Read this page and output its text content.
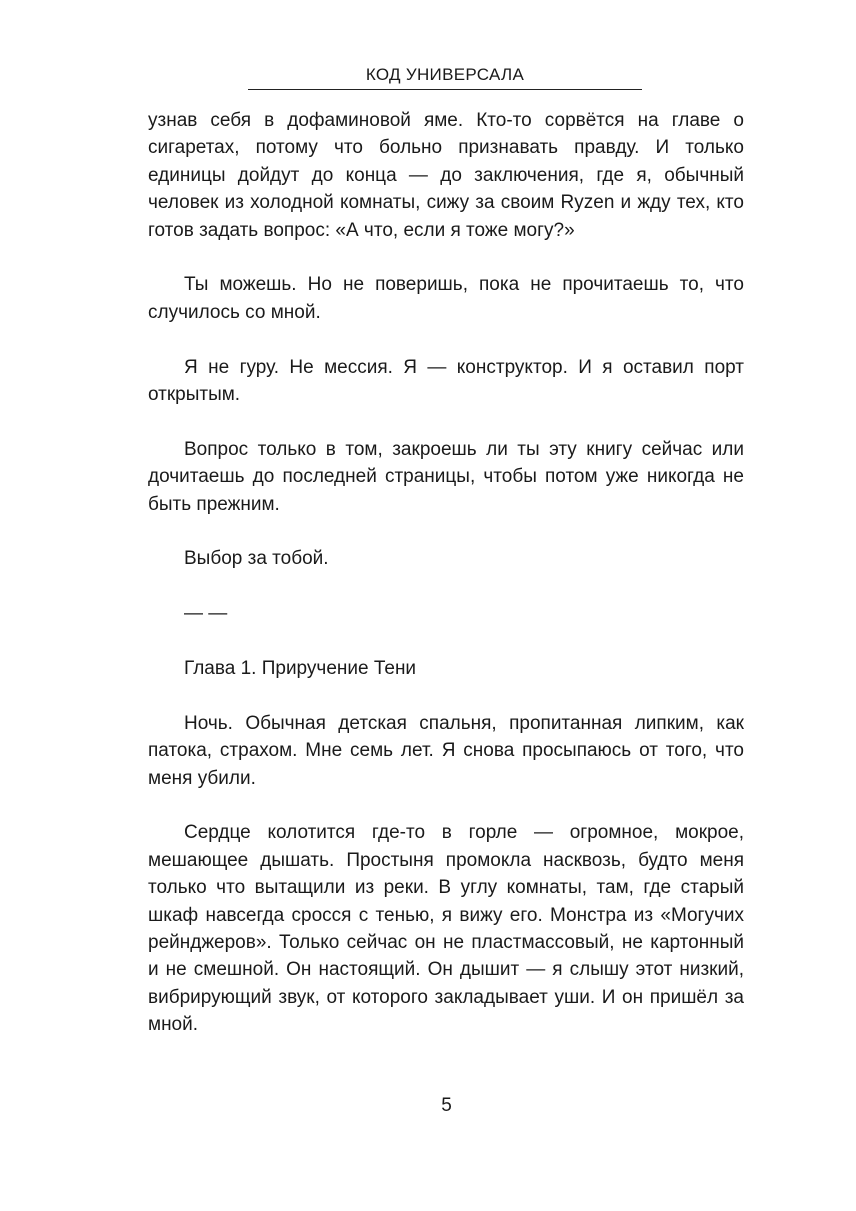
КОД УНИВЕРСАЛА

узнав себя в дофаминовой яме. Кто-то сорвётся на главе о сигаретах, потому что больно признавать правду. И только единицы дойдут до конца — до заключения, где я, обычный человек из холодной комнаты, сижу за своим Ryzen и жду тех, кто готов задать вопрос: «А что, если я тоже могу?»

Ты можешь. Но не поверишь, пока не прочитаешь то, что случилось со мной.

Я не гуру. Не мессия. Я — конструктор. И я оставил порт открытым.

Вопрос только в том, закроешь ли ты эту книгу сейчас или дочитаешь до последней страницы, чтобы потом уже никогда не быть прежним.

Выбор за тобой.

— —

Глава 1. Приручение Тени

Ночь. Обычная детская спальня, пропитанная липким, как патока, страхом. Мне семь лет. Я снова просыпаюсь от того, что меня убили.

Сердце колотится где-то в горле — огромное, мокрое, мешающее дышать. Простыня промокла насквозь, будто меня только что вытащили из реки. В углу комнаты, там, где старый шкаф навсегда сросся с тенью, я вижу его. Монстра из «Могучих рейнджеров». Только сейчас он не пластмассовый, не картонный и не смешной. Он настоящий. Он дышит — я слышу этот низкий, вибрирующий звук, от которого закладывает уши. И он пришёл за мной.

5
